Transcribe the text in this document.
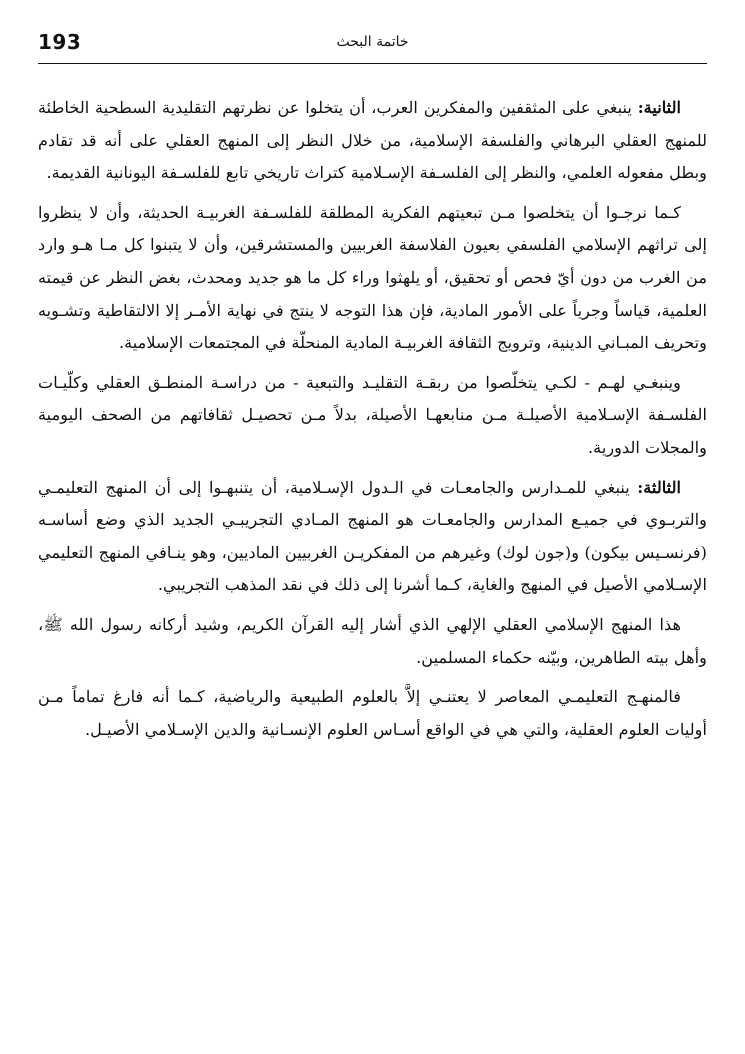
193	خاتمة البحث

الثانية: ينبغي على المثقفين والمفكرين العرب، أن يتخلوا عن نظرتهم التقليدية السطحية الخاطئة للمنهج العقلي البرهاني والفلسفة الإسلامية، من خلال النظر إلى المنهج العقلي على أنه قد تقادم وبطل مفعوله العلمي، والنظر إلى الفلسـفة الإسـلامية كتراث تاريخي تابع للفلسـفة اليونانية القديمة.

كـما نرجـوا أن يتخلصوا مـن تبعيتهم الفكرية المطلقة للفلسـفة الغربيـة الحديثة، وأن لا ينظروا إلى تراثهم الإسلامي الفلسفي بعيون الفلاسفة الغربيين والمستشرقين، وأن لا يتبنوا كل مـا هـو وارد من الغرب من دون أيّ فحص أو تحقيق، أو يلهثوا وراء كل ما هو جديد ومحدث، بغض النظر عن قيمته العلمية، قياساً وجرياً على الأمور المادية، فإن هذا التوجه لا ينتج في نهاية الأمـر إلا الالتقاطية وتشـويه وتحريف المبـاني الدينية، وترويج الثقافة الغربيـة المادية المنحلّة في المجتمعات الإسلامية.

وينبغـي لهـم - لكـي يتخلّصوا من ربقـة التقليـد والتبعية - من دراسـة المنطـق العقلي وكلّيـات الفلسـفة الإسـلامية الأصيلـة مـن منابعهـا الأصيلة، بدلاً مـن تحصيـل ثقافاتهم من الصحف اليومية والمجلات الدورية.

الثالثة: ينبغي للمـدارس والجامعـات في الـدول الإسـلامية، أن يتنبهـوا إلى أن المنهج التعليمـي والتربـوي في جميـع المدارس والجامعـات هو المنهج المـادي التجريبـي الجديد الذي وضع أساسـه (فرنسـيس بيكون) و(جون لوك) وغيرهم من المفكريـن الغربيين الماديين، وهو ينـافي المنهج التعليمي الإسـلامي الأصيل في المنهج والغاية، كـما أشرنا إلى ذلك في نقد المذهب التجريبي.

هذا المنهج الإسلامي العقلي الإلهي الذي أشار إليه القرآن الكريم، وشيد أركانه رسول الله ﷺ، وأهل بيته الطاهرين، وبيّنه حكماء المسلمين.

فالمنهـج التعليمـي المعاصر لا يعتنـي إلاَّ بالعلوم الطبيعية والرياضية، كـما أنه فارغ تماماً مـن أوليات العلوم العقلية، والتي هي في الواقع أسـاس العلوم الإنسـانية والدين الإسـلامي الأصيـل.
